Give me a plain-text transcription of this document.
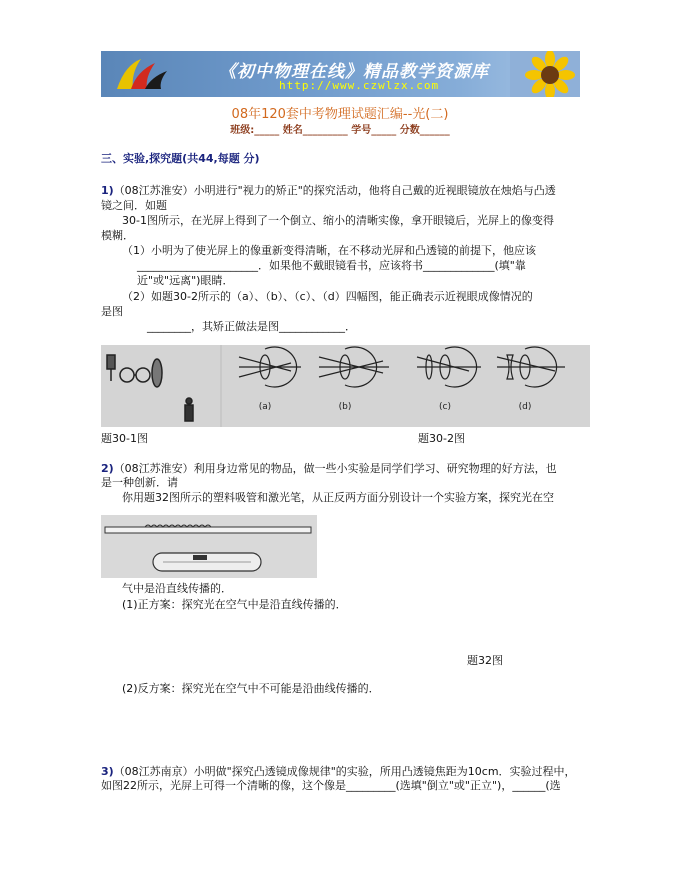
《初中物理在线》精品教学资源库
http://www.czwlzx.com
08年120套中考物理试题汇编--光(二)
班级:_____ 姓名_________ 学号_____ 分数______
三、实验,探究题(共44,每题 分)
1)（08江苏淮安）小明进行"视力的矫正"的探究活动，他将自己戴的近视眼镜放在烛焰与凸透
镜之间．如题
30-1图所示，在光屏上得到了一个倒立、缩小的清晰实像，拿开眼镜后，光屏上的像变得
模糊．
（1）小明为了使光屏上的像重新变得清晰，在不移动光屏和凸透镜的前提下，他应该
______________________．如果他不戴眼镜看书，应该将书_____________(填"靠
近"或"远离")眼睛．
（2）如题30-2所示的（a）、（b）、（c）、（d）四幅图，能正确表示近视眼成像情况的
是图
________，其矫正做法是图____________．
(a)	(b)	(c)	(d)
题30-1图	题30-2图
2)（08江苏淮安）利用身边常见的物品，做一些小实验是同学们学习、研究物理的好方法，也
是一种创新．请
你用题32图所示的塑料吸管和激光笔，从正反两方面分别设计一个实验方案，探究光在空
气中是沿直线传播的．
(1)正方案：探究光在空气中是沿直线传播的．
题32图
(2)反方案：探究光在空气中不可能是沿曲线传播的．
3)（08江苏南京）小明做"探究凸透镜成像规律"的实验，所用凸透镜焦距为10cm．实验过程中，
如图22所示，光屏上可得一个清晰的像，这个像是_________(选填"倒立"或"正立")，______(选
